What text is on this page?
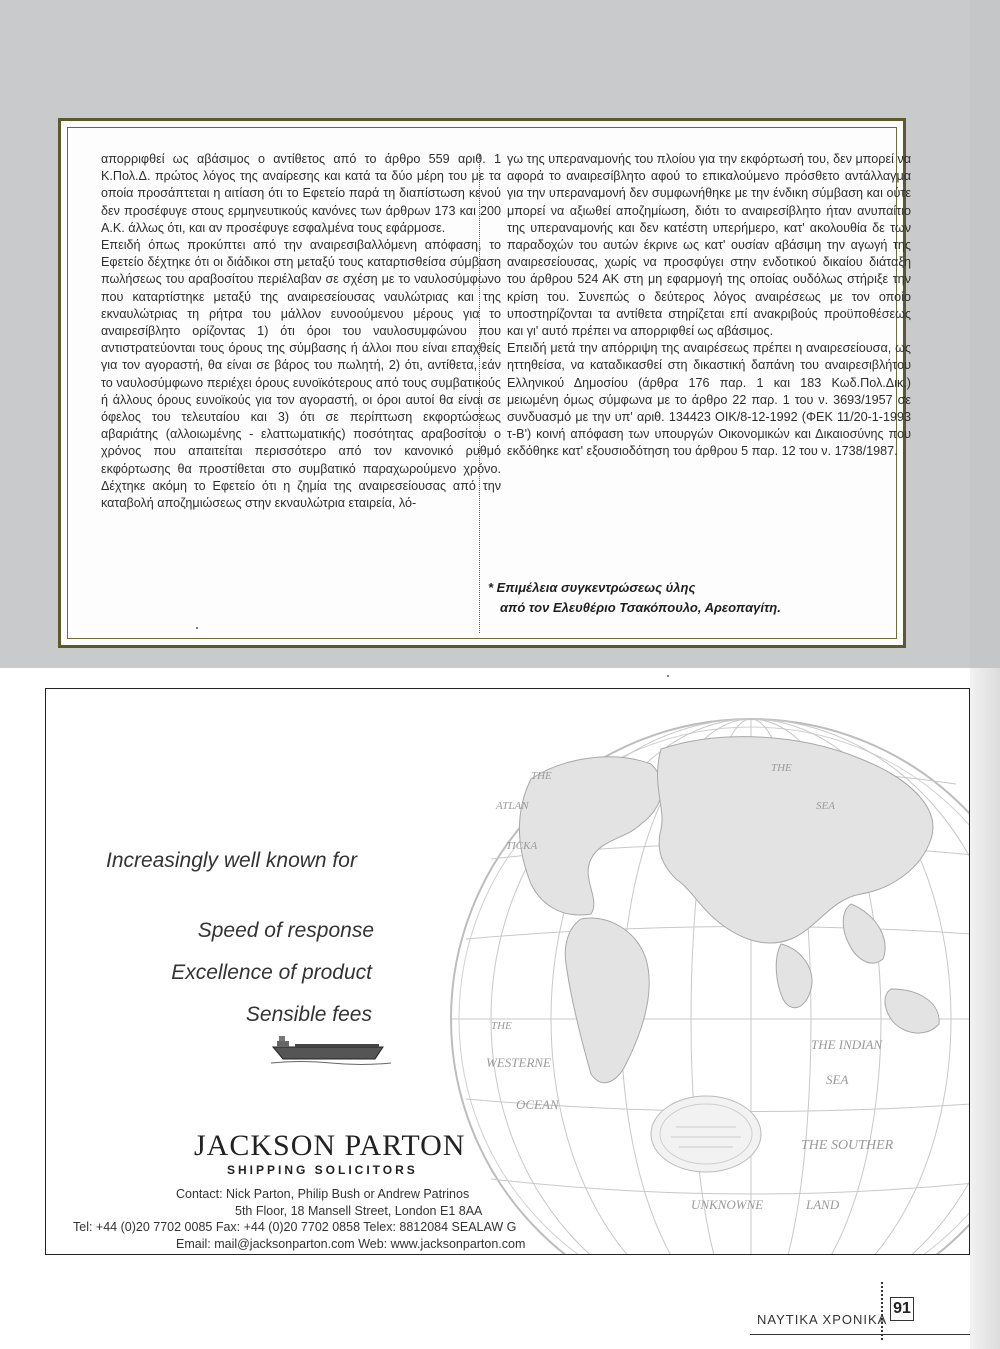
απορριφθεί ως αβάσιμος ο αντίθετος από το άρθρο 559 αριθ. 1 Κ.Πολ.Δ. πρώτος λόγος της αναίρεσης και κατά τα δύο μέρη του με τα οποία προσάπτεται η αιτίαση ότι το Εφετείο παρά τη διαπίστωση κενού δεν προσέφυγε στους ερμηνευτικούς κανόνες των άρθρων 173 και 200 Α.Κ. άλλως ότι, και αν προσέφυγε εσφαλμένα τους εφάρμοσε.

Επειδή όπως προκύπτει από την αναιρεσιβαλλόμενη απόφαση, το Εφετείο δέχτηκε ότι οι διάδικοι στη μεταξύ τους καταρτισθείσα σύμβαση πωλήσεως του αραβοσίτου περιέλαβαν σε σχέση με το ναυλοσύμφωνο που καταρτίστηκε μεταξύ της αναιρεσείουσας ναυλώτριας και της εκναυλώτριας τη ρήτρα του μάλλον ευνοούμενου μέρους για το αναιρεσίβλητο ορίζοντας 1) ότι όροι του ναυλοσυμφώνου που αντιστρατεύονται τους όρους της σύμβασης ή άλλοι που είναι επαχθείς για τον αγοραστή, θα είναι σε βάρος του πωλητή, 2) ότι, αντίθετα, εάν το ναυλοσύμφωνο περιέχει όρους ευνοϊκότερους από τους συμβατικούς ή άλλους όρους ευνοϊκούς για τον αγοραστή, οι όροι αυτοί θα είναι σε όφελος του τελευταίου και 3) ότι σε περίπτωση εκφορτώσεως αβαριάτης (αλλοιωμένης - ελαττωματικής) ποσότητας αραβοσίτου ο χρόνος που απαιτείται περισσότερο από τον κανονικό ρυθμό εκφόρτωσης θα προστίθεται στο συμβατικό παραχωρούμενο χρόνο. Δέχτηκε ακόμη το Εφετείο ότι η ζημία της αναιρεσείουσας από την καταβολή αποζημιώσεως στην εκναυλώτρια εταιρεία, λό-

γω της υπεραναμονής του πλοίου για την εκφόρτωσή του, δεν μπορεί να αφορά το αναιρεσίβλητο αφού το επικαλούμενο πρόσθετο αντάλλαγμα για την υπεραναμονή δεν συμφωνήθηκε με την ένδικη σύμβαση και ούτε μπορεί να αξιωθεί αποζημίωση, διότι το αναιρεσίβλητο ήταν ανυπαίτιο της υπεραναμονής και δεν κατέστη υπερήμερο, κατ' ακολουθία δε των παραδοχών του αυτών έκρινε ως κατ' ουσίαν αβάσιμη την αγωγή της αναιρεσείουσας, χωρίς να προσφύγει στην ενδοτικού δικαίου διάταξη του άρθρου 524 ΑΚ στη μη εφαρμογή της οποίας ουδόλως στήριξε την κρίση του. Συνεπώς ο δεύτερος λόγος αναιρέσεως με τον οποίο υποστηρίζονται τα αντίθετα στηρίζεται επί ανακριβούς προϋποθέσεως και γι' αυτό πρέπει να απορριφθεί ως αβάσιμος.

Επειδή μετά την απόρριψη της αναιρέσεως πρέπει η αναιρεσείουσα, ως ηττηθείσα, να καταδικασθεί στη δικαστική δαπάνη του αναιρεσιβλήτου Ελληνικού Δημοσίου (άρθρα 176 παρ. 1 και 183 Κωδ.Πολ.Δικ.) μειωμένη όμως σύμφωνα με το άρθρο 22 παρ. 1 του ν. 3693/1957 σε συνδυασμό με την υπ' αριθ. 134423 ΟΙΚ/8-12-1992 (ΦΕΚ 11/20-1-1993 τ-Β') κοινή απόφαση των υπουργών Οικονομικών και Δικαιοσύνης που εκδόθηκε κατ' εξουσιοδότηση του άρθρου 5 παρ. 12 του ν. 1738/1987.

* Επιμέλεια συγκεντρώσεως ύλης
από τον Ελευθέριο Τσακόπουλο, Αρεοπαγίτη.
THE
ATLAN
TICKA
THE
SEA
THE
WESTERNE
OCEAN
THE INDIAN
SEA
THE SOUTHER
UNKNOWNE	LAND
Increasingly well known for
Speed of response
Excellence of product
Sensible fees
JACKSON PARTON
SHIPPING SOLICITORS
Contact: Nick Parton, Philip Bush or Andrew Patrinos
5th Floor, 18 Mansell Street, London E1 8AA
Tel: +44 (0)20 7702 0085 Fax: +44 (0)20 7702 0858 Telex: 8812084 SEALAW G
Email: mail@jacksonparton.com Web: www.jacksonparton.com
ΝΑΥΤΙΚΑ ΧΡΟΝΙΚΑ
91
